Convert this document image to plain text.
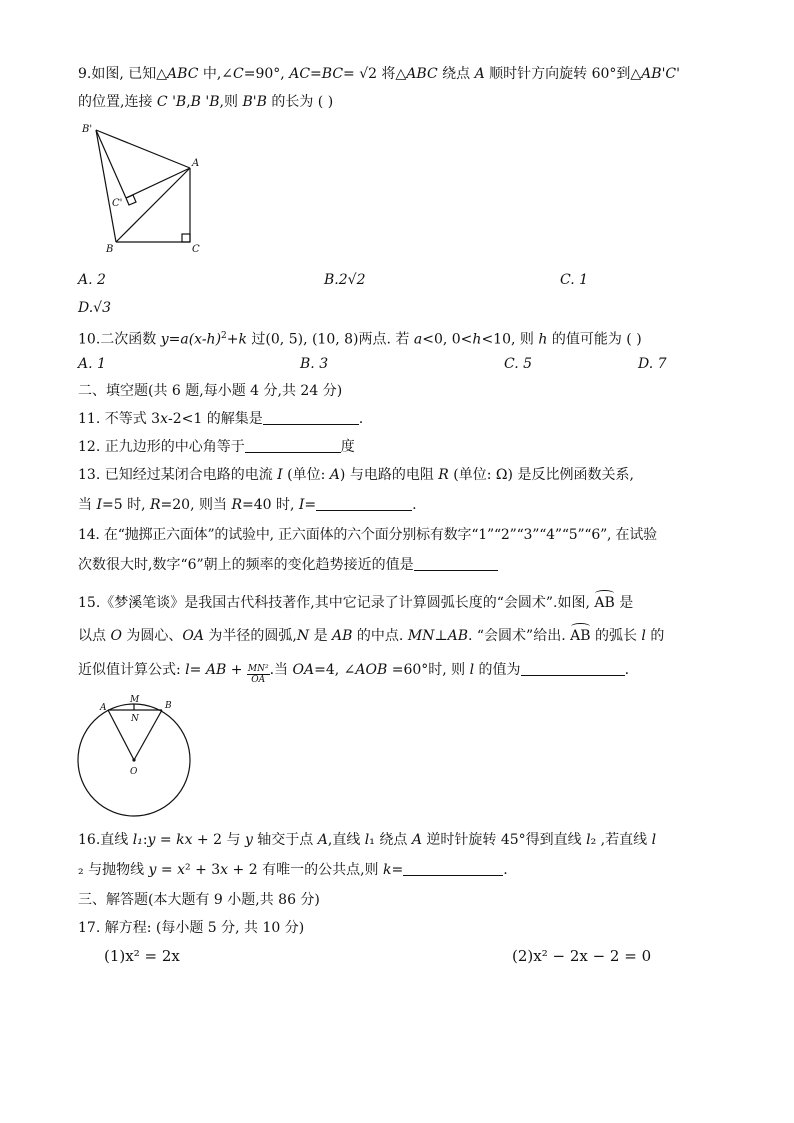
9.如图, 已知△ABC 中,∠C=90°, AC=BC= √2 将△ABC 绕点 A 顺时针方向旋转 60°到△AB'C'
的位置,连接 C 'B,B 'B,则 B'B 的长为 ( )
B'
A
C'
B	C
A. 2	B.2√2	C. 1
D.√3
10.二次函数 $y=a(x-h)^2+k$ 过(0, 5), (10, 8)两点. 若 a<0, 0<h<10, 则 h 的值可能为 ( )
A. 1	B. 3	C. 5	D. 7
二、填空题(共 6 题,每小题 4 分,共 24 分)
11. 不等式 3x-2<1 的解集是	.
12. 正九边形的中心角等于	度
13. 已知经过某闭合电路的电流 I (单位: A) 与电路的电阻 R (单位: Ω) 是反比例函数关系,
当 I=5 时, R=20, 则当 R=40 时, I=	.
14. 在“抛掷正六面体”的试验中, 正六面体的六个面分别标有数字“1”“2”“3”“4”“5”“6”, 在试验
次数很大时,数字“6”朝上的频率的变化趋势接近的值是
15.《梦溪笔谈》是我国古代科技著作,其中它记录了计算圆弧长度的“会圆术”.如图, AB 是
以点 O 为圆心、OA 为半径的圆弧,N 是 AB 的中点. MN⊥AB. “会圆术”给出. AB 的弧长 l 的
近似值计算公式: l= AB + $\frac{\text{MN²}}{OA}$ .当 OA=4, ∠AOB =60°时, 则 l 的值为	.
M
A
N
B
O
16.直线 l₁:y = kx + 2 与 y 轴交于点 A,直线 l₁ 绕点 A 逆时针旋转 45°得到直线 l₂ ,若直线 l
₂ 与抛物线 y = x² + 3x + 2 有唯一的公共点,则 k=	.
三、解答题(本大题有 9 小题,共 86 分)
17. 解方程: (每小题 5 分, 共 10 分)
(1)x² = 2x	(2)x² − 2x − 2 = 0
